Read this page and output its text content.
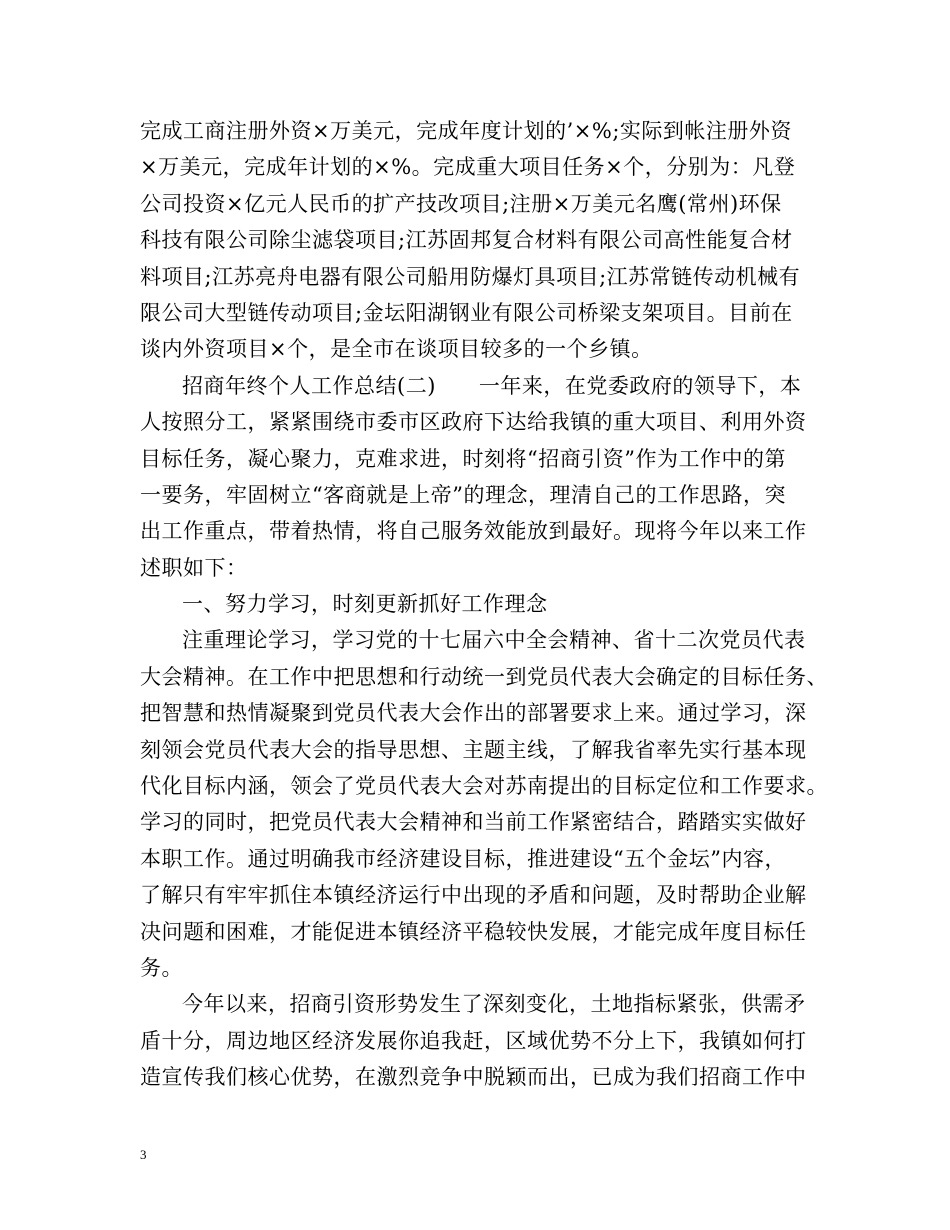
完成工商注册外资×万美元，完成年度计划的’×%;实际到帐注册外资
×万美元，完成年计划的×%。完成重大项目任务×个，分别为：凡登
公司投资×亿元人民币的扩产技改项目;注册×万美元名鹰(常州)环保
科技有限公司除尘滤袋项目;江苏固邦复合材料有限公司高性能复合材
料项目;江苏亮舟电器有限公司船用防爆灯具项目;江苏常链传动机械有
限公司大型链传动项目;金坛阳湖钢业有限公司桥梁支架项目。目前在
谈内外资项目×个，是全市在谈项目较多的一个乡镇。
招商年终个人工作总结(二)　　一年来，在党委政府的领导下，本
人按照分工，紧紧围绕市委市区政府下达给我镇的重大项目、利用外资
目标任务，凝心聚力，克难求进，时刻将“招商引资”作为工作中的第
一要务，牢固树立“客商就是上帝”的理念，理清自己的工作思路，突
出工作重点，带着热情，将自己服务效能放到最好。现将今年以来工作
述职如下：
一、努力学习，时刻更新抓好工作理念
注重理论学习，学习党的十七届六中全会精神、省十二次党员代表
大会精神。在工作中把思想和行动统一到党员代表大会确定的目标任务、
把智慧和热情凝聚到党员代表大会作出的部署要求上来。通过学习，深
刻领会党员代表大会的指导思想、主题主线，了解我省率先实行基本现
代化目标内涵，领会了党员代表大会对苏南提出的目标定位和工作要求。
学习的同时，把党员代表大会精神和当前工作紧密结合，踏踏实实做好
本职工作。通过明确我市经济建设目标，推进建设“五个金坛”内容，
了解只有牢牢抓住本镇经济运行中出现的矛盾和问题，及时帮助企业解
决问题和困难，才能促进本镇经济平稳较快发展，才能完成年度目标任
务。
今年以来，招商引资形势发生了深刻变化，土地指标紧张，供需矛
盾十分，周边地区经济发展你追我赶，区域优势不分上下，我镇如何打
造宣传我们核心优势，在激烈竞争中脱颖而出，已成为我们招商工作中
3
